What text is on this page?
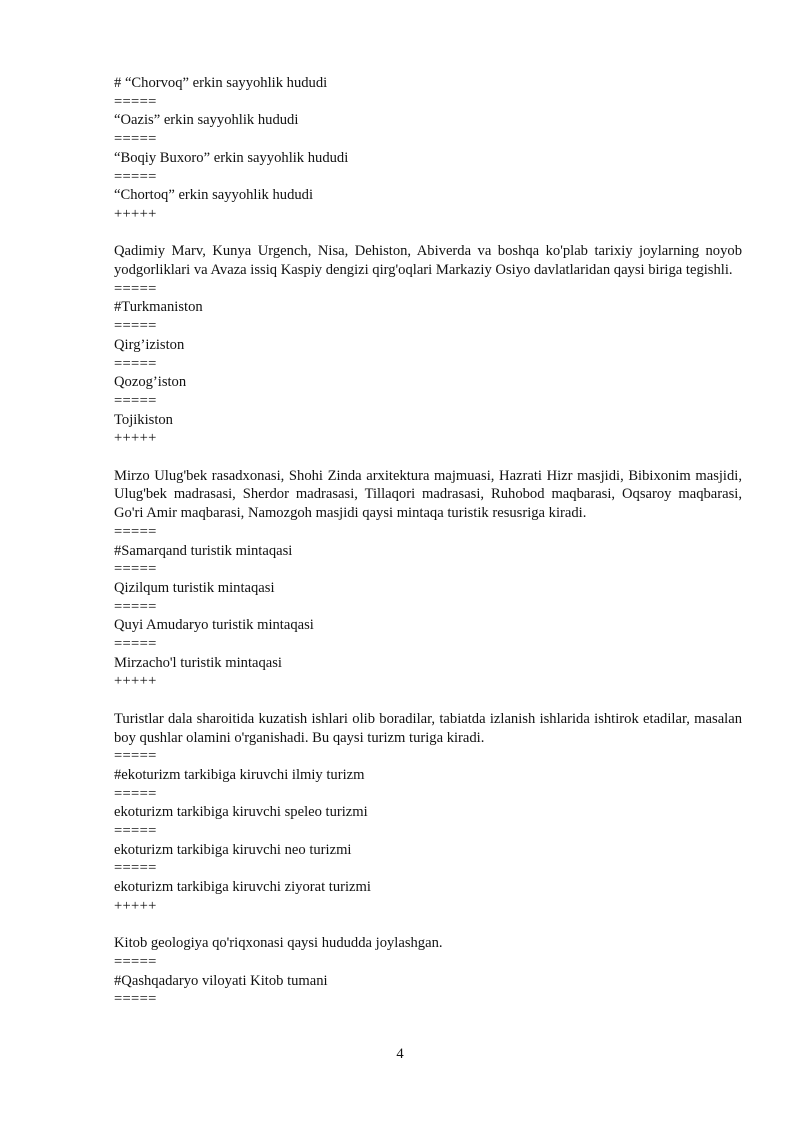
# “Chorvoq” erkin sayyohlik hududi
=====
“Oazis” erkin sayyohlik hududi
=====
“Boqiy Buxoro” erkin sayyohlik hududi
=====
“Chortoq” erkin sayyohlik hududi
+++++
Qadimiy Marv, Kunya Urgench, Nisa, Dehiston, Abiverda va boshqa ko'plab tarixiy joylarning noyob yodgorliklari va Avaza issiq Kaspiy dengizi qirg'oqlari Markaziy Osiyo davlatlaridan qaysi biriga tegishli.
=====
#Turkmaniston
=====
Qirg’iziston
=====
Qozog’iston
=====
Tojikiston
+++++
Mirzo Ulug'bek rasadxonasi, Shohi Zinda arxitektura majmuasi, Hazrati Hizr masjidi, Bibixonim masjidi, Ulug'bek madrasasi, Sherdor madrasasi, Tillaqori madrasasi, Ruhobod maqbarasi, Oqsaroy maqbarasi, Go'ri Amir maqbarasi, Namozgoh masjidi qaysi mintaqa turistik resusriga kiradi.
=====
#Samarqand turistik mintaqasi
=====
Qizilqum turistik mintaqasi
=====
Quyi Amudaryo turistik mintaqasi
=====
Mirzacho'l turistik mintaqasi
+++++
Turistlar dala sharoitida kuzatish ishlari olib boradilar, tabiatda izlanish ishlarida ishtirok etadilar, masalan boy qushlar olamini o'rganishadi. Bu qaysi turizm turiga kiradi.
=====
#ekoturizm tarkibiga kiruvchi ilmiy turizm
=====
ekoturizm tarkibiga kiruvchi speleo turizmi
=====
ekoturizm tarkibiga kiruvchi neo turizmi
=====
ekoturizm tarkibiga kiruvchi ziyorat turizmi
+++++
Kitob geologiya qo'riqxonasi qaysi hududda joylashgan.
=====
#Qashqadaryo viloyati Kitob tumani
=====
4
